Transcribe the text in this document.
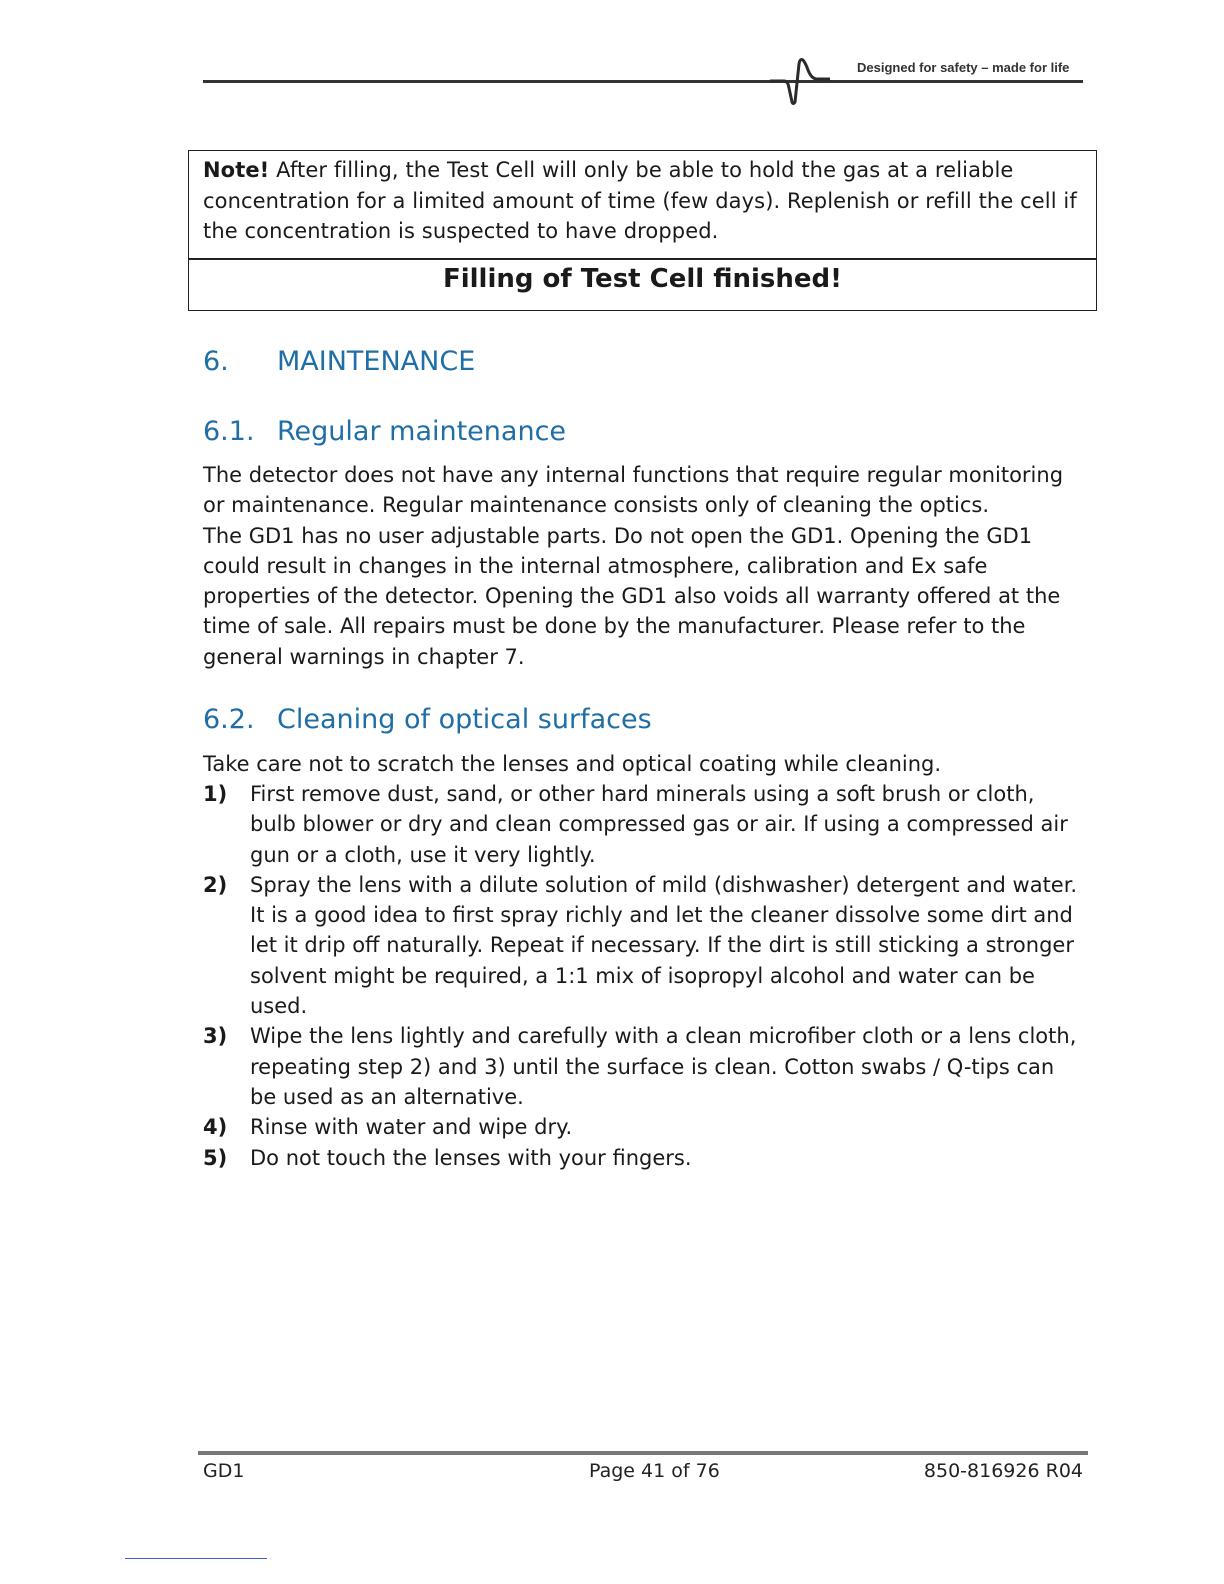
Designed for safety – made for life
Note! After filling, the Test Cell will only be able to hold the gas at a reliable concentration for a limited amount of time (few days). Replenish or refill the cell if the concentration is suspected to have dropped.
Filling of Test Cell finished!
6. MAINTENANCE
6.1. Regular maintenance
The detector does not have any internal functions that require regular monitoring or maintenance. Regular maintenance consists only of cleaning the optics.
The GD1 has no user adjustable parts. Do not open the GD1. Opening the GD1 could result in changes in the internal atmosphere, calibration and Ex safe properties of the detector. Opening the GD1 also voids all warranty offered at the time of sale. All repairs must be done by the manufacturer. Please refer to the general warnings in chapter 7.
6.2. Cleaning of optical surfaces
Take care not to scratch the lenses and optical coating while cleaning.
1)	First remove dust, sand, or other hard minerals using a soft brush or cloth, bulb blower or dry and clean compressed gas or air. If using a compressed air gun or a cloth, use it very lightly.
2)	Spray the lens with a dilute solution of mild (dishwasher) detergent and water. It is a good idea to first spray richly and let the cleaner dissolve some dirt and let it drip off naturally. Repeat if necessary. If the dirt is still sticking a stronger solvent might be required, a 1:1 mix of isopropyl alcohol and water can be used.
3)	Wipe the lens lightly and carefully with a clean microfiber cloth or a lens cloth, repeating step 2) and 3) until the surface is clean. Cotton swabs / Q-tips can be used as an alternative.
4)	Rinse with water and wipe dry.
5)	Do not touch the lenses with your fingers.
GD1	Page 41 of 76	850-816926 R04
